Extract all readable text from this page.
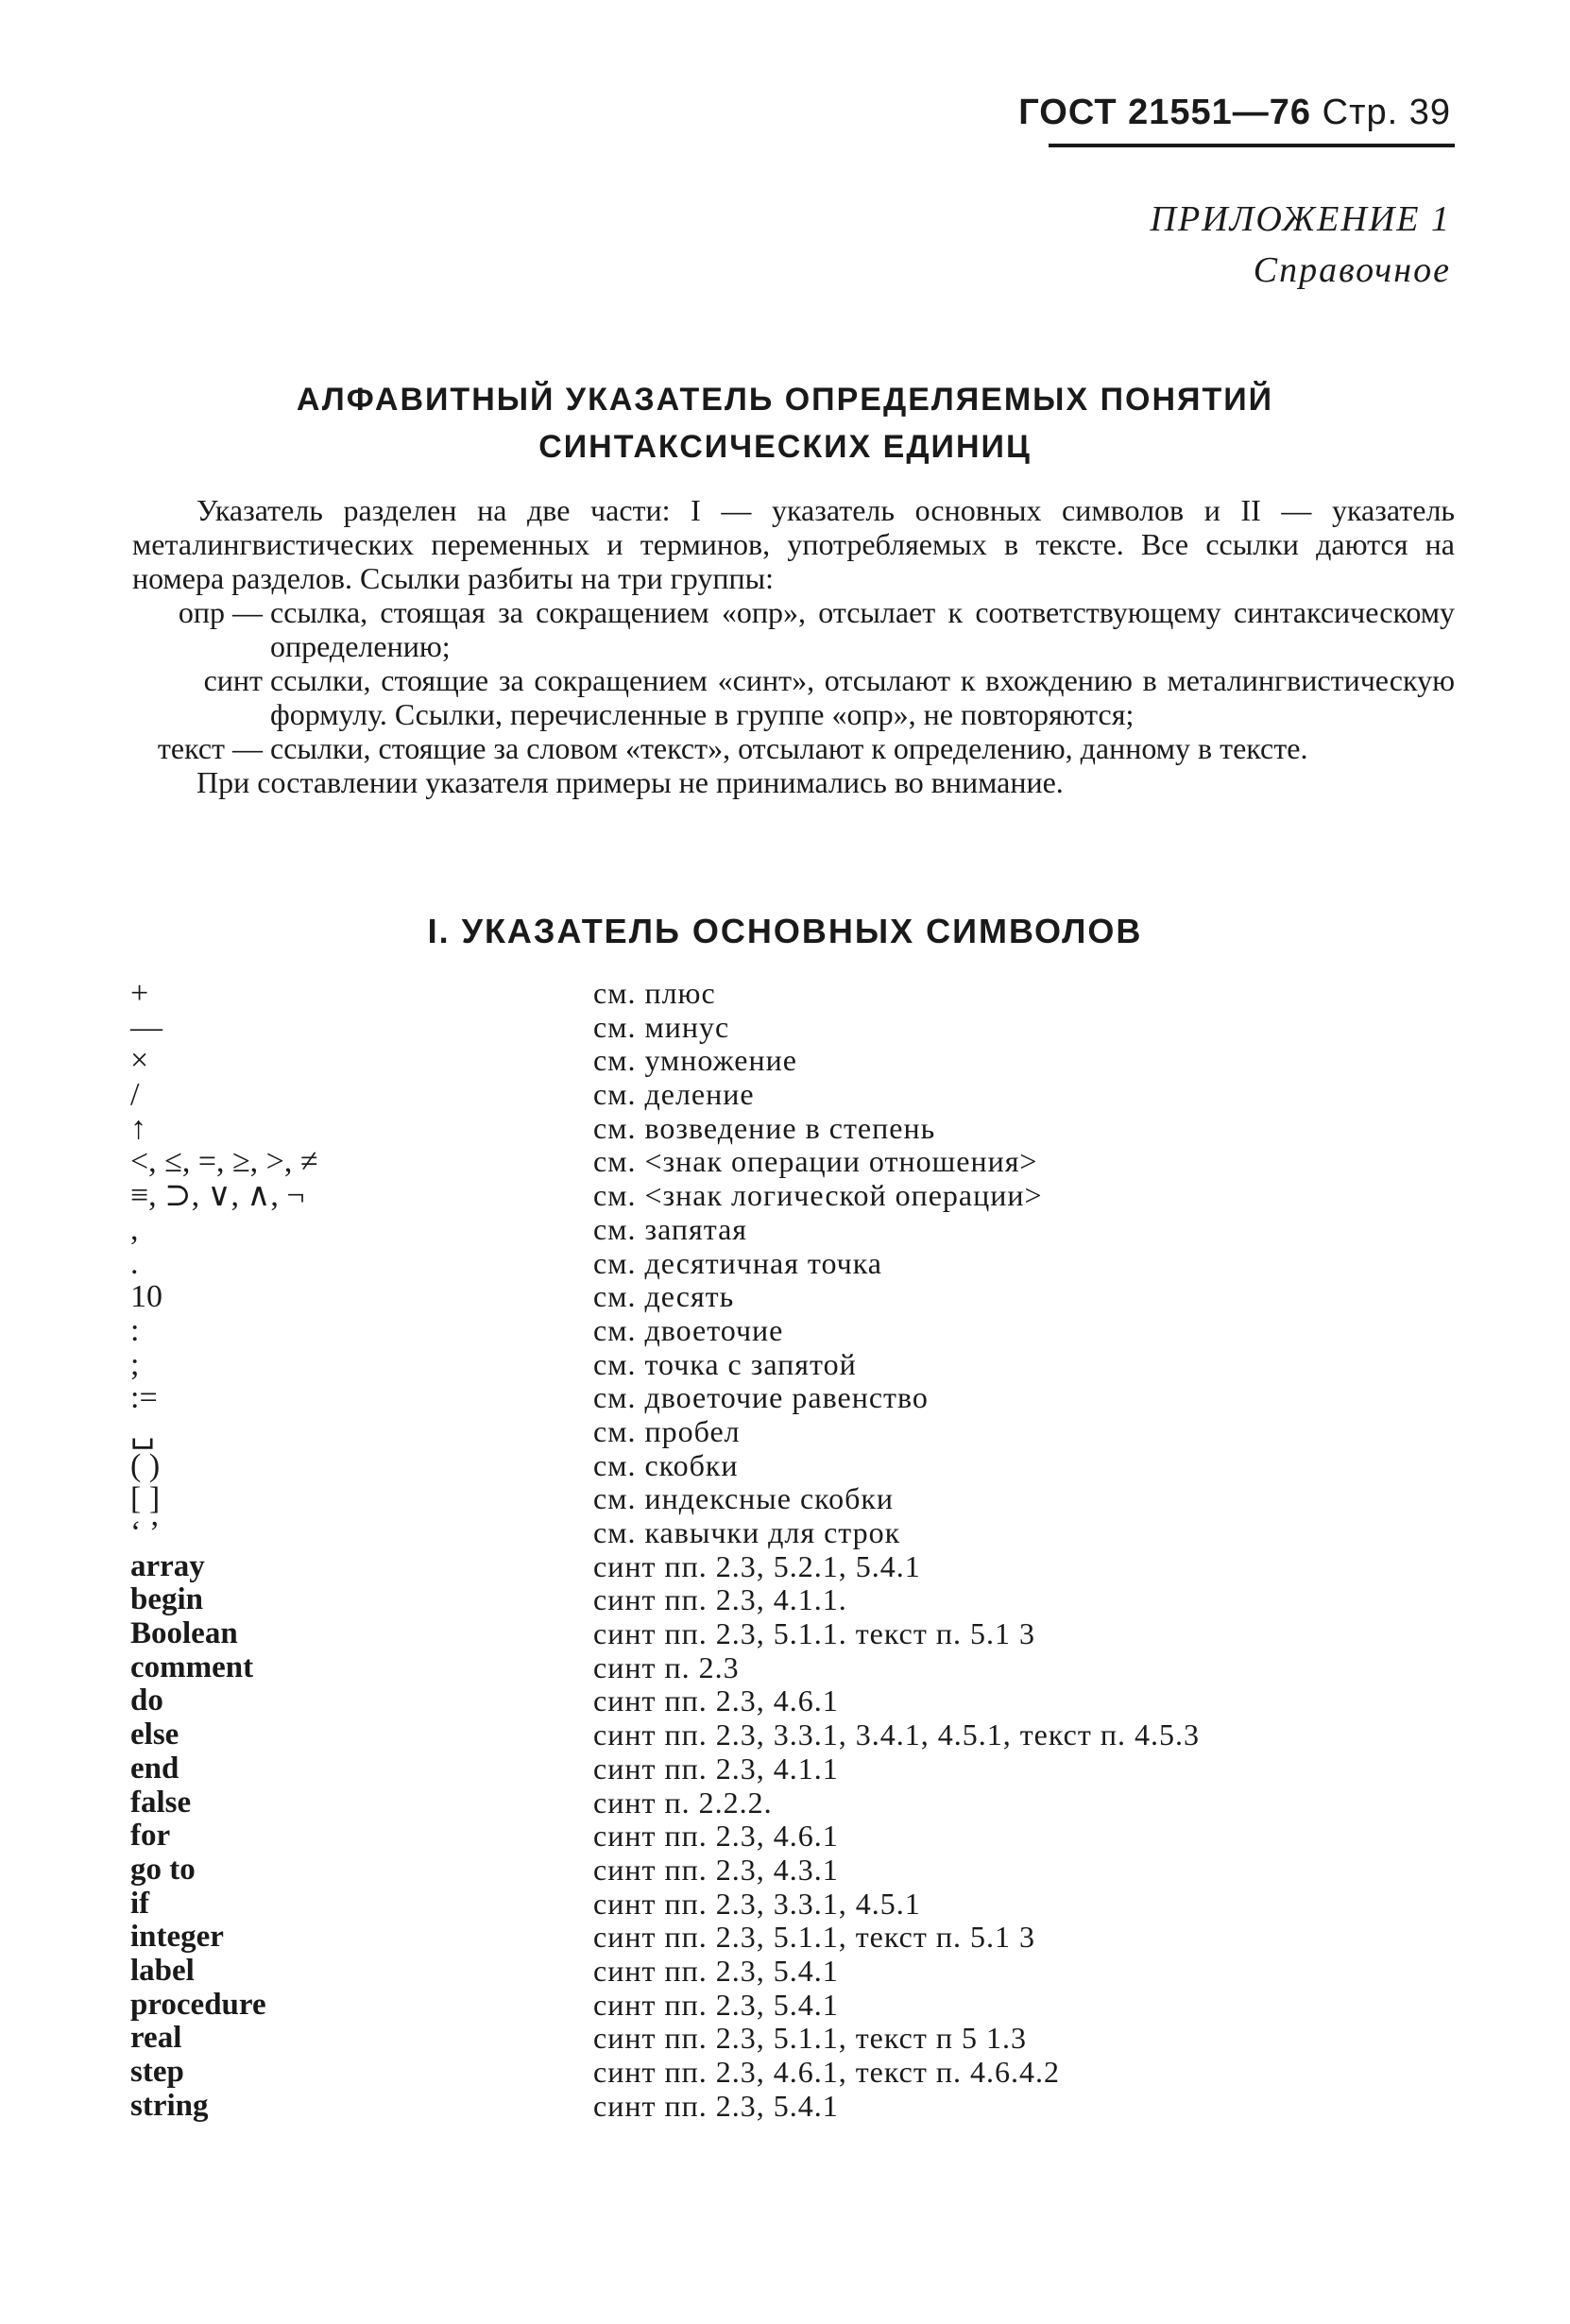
ГОСТ 21551—76 Стр. 39
ПРИЛОЖЕНИЕ 1
Справочное
АЛФАВИТНЫЙ УКАЗАТЕЛЬ ОПРЕДЕЛЯЕМЫХ ПОНЯТИЙ
СИНТАКСИЧЕСКИХ ЕДИНИЦ

Указатель разделен на две части: I — указатель основных символов и II — указатель металингвистических переменных и терминов, употребляемых в тексте. Все ссылки даются на номера разделов. Ссылки разбиты на три группы:

опр — ссылка, стоящая за сокращением «опр», отсылает к соответствующему синтаксическому определению;
синт ссылки, стоящие за сокращением «синт», отсылают к вхождению в металингвистическую формулу. Ссылки, перечисленные в группе «опр», не повторяются;
текст — ссылки, стоящие за словом «текст», отсылают к определению, данному в тексте.

При составлении указателя примеры не принимались во внимание.

I. УКАЗАТЕЛЬ ОСНОВНЫХ СИМВОЛОВ
+	см. плюс
—	см. минус
×	см. умножение
/	см. деление
↑	см. возведение в степень
<, ≤, =, ≥, >, ≠	см. <знак операции отношения>
≡, ⊃, ∨, ∧, ¬	см. <знак логической операции>
,	см. запятая
.	см. десятичная точка
10	см. десять
:	см. двоеточие
;	см. точка с запятой
:=	см. двоеточие равенство
␣	см. пробел
( )	см. скобки
[ ]	см. индексные скобки
‘ ’	см. кавычки для строк
array	синт пп. 2.3, 5.2.1, 5.4.1
begin	синт пп. 2.3, 4.1.1.
Boolean	синт пп. 2.3, 5.1.1. текст п. 5.1 3
comment	синт п. 2.3
do	синт пп. 2.3, 4.6.1
else	синт пп. 2.3, 3.3.1, 3.4.1, 4.5.1, текст п. 4.5.3
end	синт пп. 2.3, 4.1.1
false	синт п. 2.2.2.
for	синт пп. 2.3, 4.6.1
go to	синт пп. 2.3, 4.3.1
if	синт пп. 2.3, 3.3.1, 4.5.1
integer	синт пп. 2.3, 5.1.1, текст п. 5.1 3
label	синт пп. 2.3, 5.4.1
procedure	синт пп. 2.3, 5.4.1
real	синт пп. 2.3, 5.1.1, текст п 5 1.3
step	синт пп. 2.3, 4.6.1, текст п. 4.6.4.2
string	синт пп. 2.3, 5.4.1
